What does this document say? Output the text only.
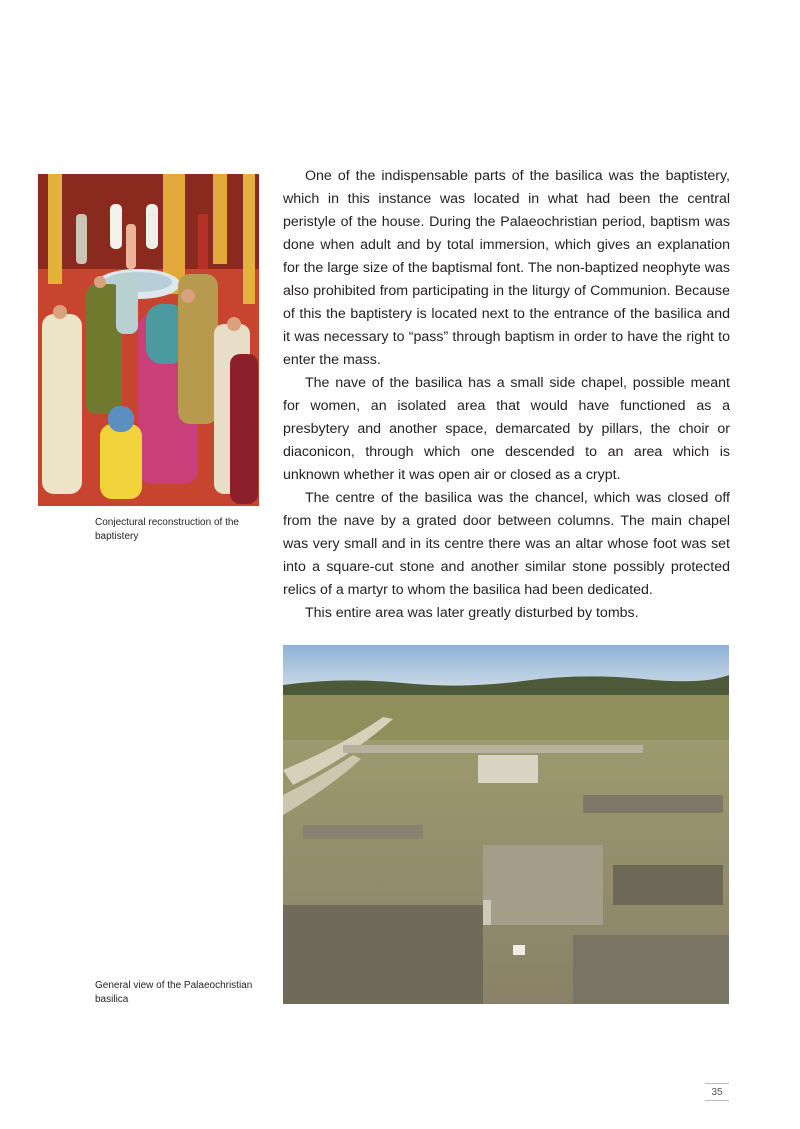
Conjectural reconstruction of the baptistery

One of the indispensable parts of the basilica was the baptistery, which in this instance was located in what had been the central peristyle of the house. During the Palaeochristian period, baptism was done when adult and by total immersion, which gives an explanation for the large size of the baptismal font. The non-baptized neophyte was also prohibited from participating in the liturgy of Communion. Because of this the baptistery is located next to the entrance of the basilica and it was necessary to “pass” through baptism in order to have the right to enter the mass.

The nave of the basilica has a small side chapel, possible meant for women, an isolated area that would have functioned as a presbytery and another space, demarcated by pillars, the choir or diaconicon, through which one descended to an area which is unknown whether it was open air or closed as a crypt.

The centre of the basilica was the chancel, which was closed off from the nave by a grated door between columns. The main chapel was very small and in its centre there was an altar whose foot was set into a square-cut stone and another similar stone possibly protected relics of a martyr to whom the basilica had been dedicated.

This entire area was later greatly disturbed by tombs.

General view of the Palaeochristian basilica
35
